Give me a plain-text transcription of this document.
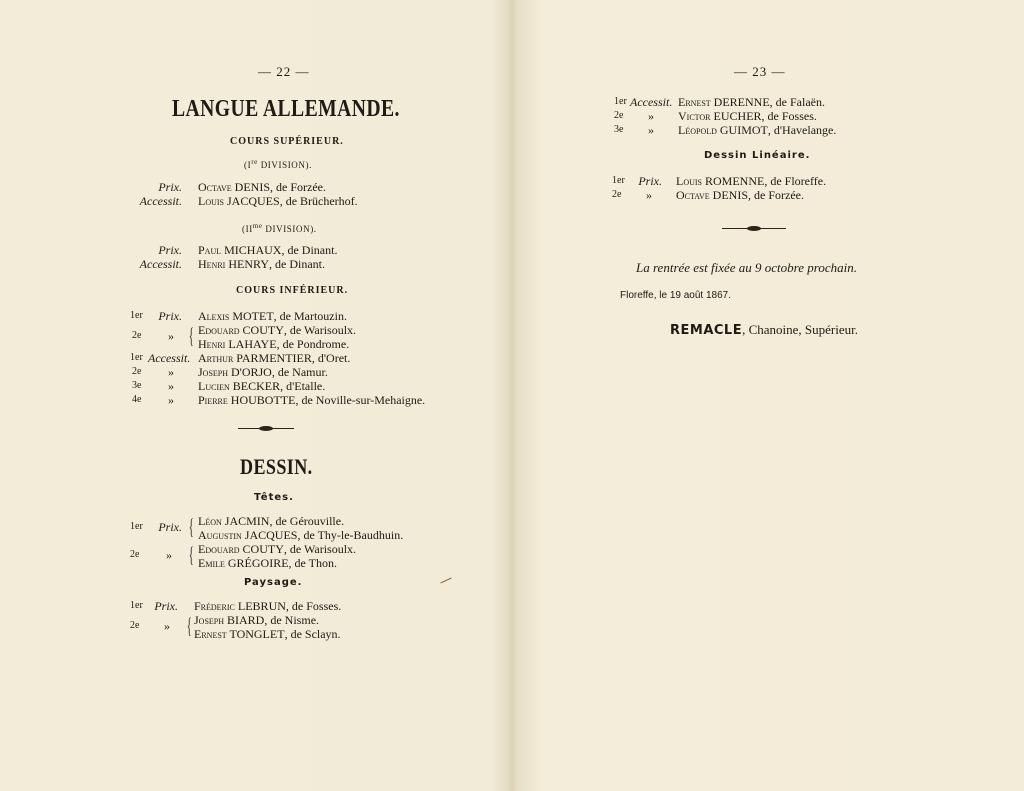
— 22 —
LANGUE ALLEMANDE.
COURS SUPÉRIEUR.
(Ire DIVISION).
Prix. Octave DENIS, de Forzée.
Accessit. Louis JACQUES, de Brücherhof.
($II^{me}$ DIVISION).
Prix. Paul MICHAUX, de Dinant.
Accessit. Henri HENRY, de Dinant.
COURS INFÉRIEUR.
1er	Prix. Alexis MOTET, de Martouzin.
2e » { Edouard COUTY, de Warisoulx.
Henri LAHAYE, de Pondrome.
1er Accessit. Arthur PARMENTIER, d'Oret.
2e » Joseph D'ORJO, de Namur.
3e » Lucien BECKER, d'Etalle.
4e » Pierre HOUBOTTE, de Noville-sur-Mehaigne.
DESSIN.
Têtes.
1er	Prix. { Léon JACMIN, de Gérouville.
Augustin JACQUES, de Thy-le-Baudhuin.
2e » { Edouard COUTY, de Warisoulx.
Emile GRÉGOIRE, de Thon.
Paysage.
1er Prix. Fréderic LEBRUN, de Fosses.
2e » { Joseph BIARD, de Nisme.
Ernest TONGLET, de Sclayn.
— 23 —
1er Accessit. Ernest DERENNE, de Falaën.
2e » Victor EUCHER, de Fosses.
3e » Léopold GUIMOT, d'Havelange.
Dessin Linéaire.
1er	Prix. Louis ROMENNE, de Floreffe.
2e » Octave DENIS, de Forzée.
La rentrée est fixée au 9 octobre prochain.
Floreffe, le 19 août 1867.
REMACLE, Chanoine, Supérieur.
